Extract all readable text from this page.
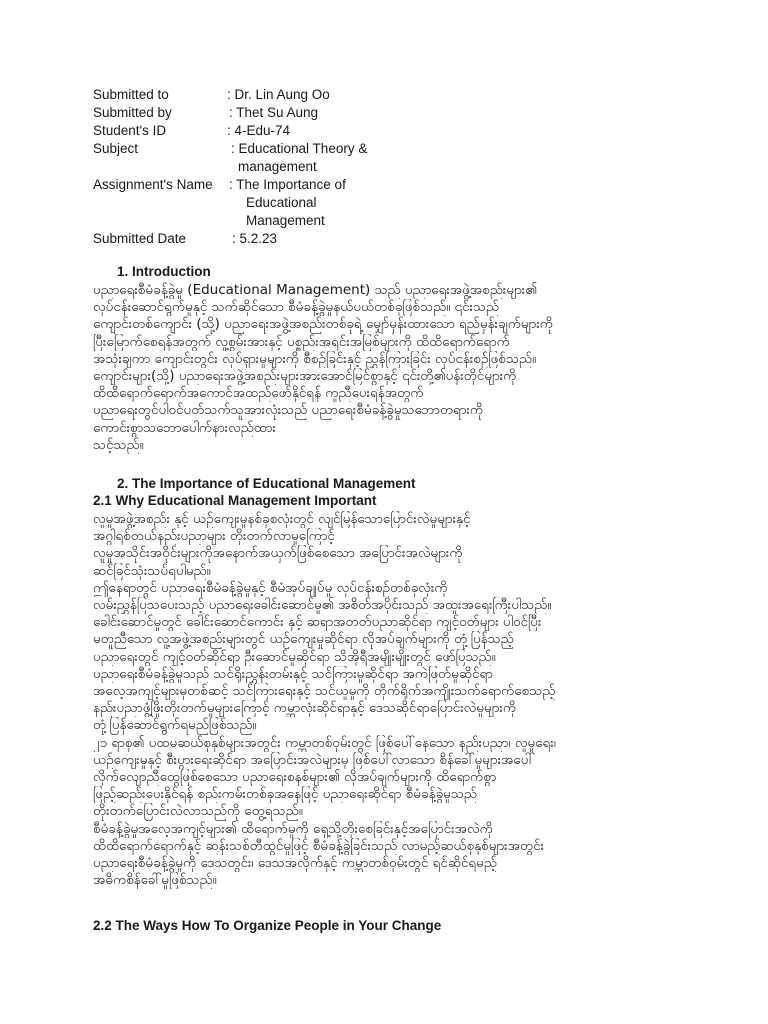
Submitted to	: Dr. Lin Aung Oo
Submitted by	: Thet Su Aung
Student's ID	: 4-Edu-74
Subject	: Educational Theory &
management
Assignment's Name : The Importance of
Educational
Management
Submitted Date	: 5.2.23
1. Introduction
ပညာရေးစီမံခန့်ခွဲမှု (Educational Management) သည် ပညာရေးအဖွဲ့အစည်းများ၏
လုပ်ငန်းဆောင်ရွက်မှုနှင့် သက်ဆိုင်သော စီမံခန့်ခွဲမှုနယ်ပယ်တစ်ခုဖြစ်သည်။ ၎င်းသည်
ကျောင်းတစ်ကျောင်း (သို့) ပညာရေးအဖွဲ့အစည်းတစ်ခုရဲ့ မျှော်မှန်းထားသော ရည်မှန်းချက်များကို
ပြီးမြောက်စေရန်အတွက် လူ့စွမ်းအားနှင့် ပစ္စည်းအရင်းအမြစ်များကို ထိထိရောက်ရောက်
အသုံးချကာ ကျောင်းတွင်း လုပ်ရှားမှုများကို စီစဉ်ခြင်းနှင့် ညွှန်ကြားခြင်း လုပ်ငန်းစဉ်ဖြစ်သည်။
ကျောင်းများ(သို့) ပညာရေးအဖွဲ့အစည်းများအားအောင်မြင်စွာနှင့် ၎င်းတို့၏ပန်းတိုင်များကို
ထိထိရောက်ရောက်အကောင်အထည်ဖော်နိုင်ရန် ကူညီပေးရန်အတွက်
ပညာရေးတွင်ပါဝင်ပတ်သက်သူအားလုံးသည် ပညာရေးစီမံခန့်ခွဲမှုသဘောတရားကို
ကောင်းစွာသဘောပေါက်နားလည်ထား
သင့်သည်။
2. The Importance of Educational Management
2.1 Why Educational Management Important
လူမှုအဖွဲ့အစည်း နှင့် ယဉ်ကျေးမှုနစ်ခုစလုံးတွင် လျင်မြန်သောပြောင်းလဲမှုများနှင့်
အဂ္ဂါရစ်တယ်နည်းပညာများ တိုးတက်လာမှုကြောင့်
လူမှုအသိုင်းအဝိုင်းများကိုအနောက်အယှက်ဖြစ်စေသော အပြောင်းအလဲများကို
ဆင်ခြင်သုံးသပ်ရပါမည်။
ဤနေရာတွင် ပညာရေးစီမံခန့်ခွဲမှုနှင့် စီမံအုပ်ချုပ်မှု လုပ်ငန်းစဉ်တစ်ခုလုံးကို
လမ်းညွှန်ပြသပေးသည့် ပညာရေးခေါင်းဆောင်မှု၏ အစိတ်အပိုင်းသည် အထူးအရေးကြီးပါသည်။
ခေါင်းဆောင်မှုတွင် ခေါင်းဆောင်ကောင်း နှင့် ဆရာအတတ်ပညာဆိုင်ရာ ကျင့်ဝတ်များ ပါဝင်ပြီး
မတူညီသော လူ့အဖွဲ့အစည်းများတွင် ယဉ်ကျေးမှုဆိုင်ရာ လိုအပ်ချက်များကို တုံ့ပြန်သည့်
ပညာရေးတွင် ကျင့်ဝတ်ဆိုင်ရာ ဦးဆောင်မှုဆိုင်ရာ သိအိုရီအမျိုးမျိုးတွင် ဖော်ပြသည်။
ပညာရေးစီမံခန့်ခွဲမှုသည် သင်ရိုးညွှန်းတမ်းနှင့် သင်ကြားမှုဆိုင်ရာ အကဲဖြတ်မှုဆိုင်ရာ
အလေ့အကျင့်များမှတစ်ဆင့် သင်ကြားရေးနှင့် သင်ယူမှုကို တိုက်ရိုက်အကျိုးသက်ရောက်စေသည့်
နည်းပညာဖွံ့ဖြိုးတိုးတက်မှုများကြောင့် ကမ္ဘာလုံးဆိုင်ရာနှင့် ဒေသဆိုင်ရာပြောင်းလဲမှုများကို
တုံ့ပြန်ဆောင်ရွက်ရမည်ဖြစ်သည်။
၂၁ ရာစု၏ ပထမဆယ်စုနှစ်များအတွင်း ကမ္ဘာတစ်ဝှမ်းတွင် ဖြစ်ပေါ်နေသော နည်းပညာ၊ လူမှုရေး၊
ယဉ်ကျေးမှုနှင့် စီးပွားရေးဆိုင်ရာ အပြောင်းအလဲများမှ ဖြစ်ပေါ်လာသော စိန်ခေါ်မှုများအပေါ်
လိုက်လျောညီထွေဖြစ်စေသော ပညာရေးစနစ်များ၏ လိုအပ်ချက်များကို ထိရောက်စွာ
ဖြည့်ဆည်းပေးနိုင်ရန် စည်းကမ်းတစ်ခုအနေဖြင့် ပညာရေးဆိုင်ရာ စီမံခန့်ခွဲမှုသည်
တိုးတက်ပြောင်းလဲလာသည်ကို တွေ့ရသည်။
စီမံခန့်ခွဲမှုအလေ့အကျင့်များ၏ ထိရောက်မှုကို ရှေ့သို့တိုးစေခြင်းနှင့်အပြောင်းအလဲကို
ထိထိရောက်ရောက်နှင့် ဆန်းသစ်တီထွင်မှုဖြင့် စီမံခန့်ခွဲခြင်းသည် လာမည့်ဆယ်စုနှစ်များအတွင်း
ပညာရေးစီမံခန့်ခွဲမှုကို ဒေသတွင်း၊ ဒေသအလိုက်နှင့် ကမ္ဘာတစ်ဝှမ်းတွင် ရင်ဆိုင်ရမည့်
အဓိကစိန်ခေါ်မှုဖြစ်သည်။
2.2 The Ways How To Organize People in Your Change
